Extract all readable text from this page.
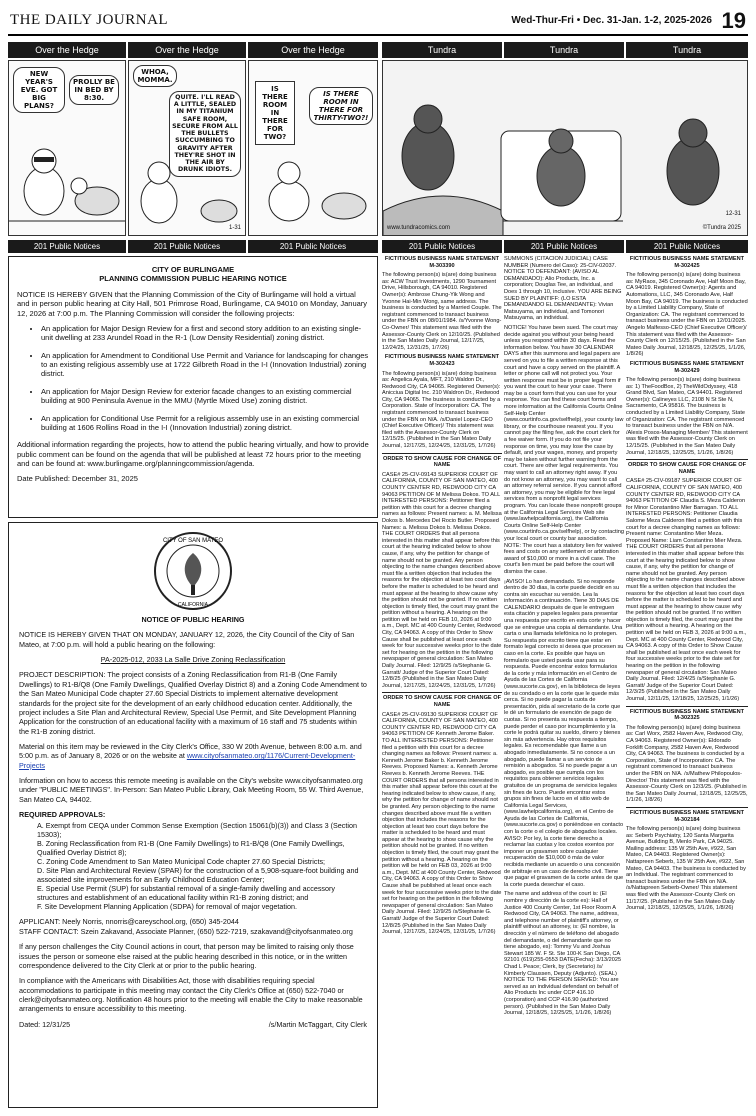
THE DAILY JOURNAL	Wed-Thur-Fri • Dec. 31-Jan. 1-2, 2025-2026 19
Over the Hedge	Over the Hedge	Over the Hedge	Tundra	Tundra	Tundra
NEW YEAR'S EVE. GOT BIG PLANS?
PROLLY BE IN BED BY 8:30.
WHOA, MOMMA.
QUITE. I'LL READ A LITTLE, SEALED IN MY TITANIUM SAFE ROOM, SECURE FROM ALL THE BULLETS SUCCUMBING TO GRAVITY AFTER THEY'RE SHOT IN THE AIR BY DRUNK IDIOTS.
1-31
IS THERE ROOM IN THERE FOR TWO?
IS THERE ROOM IN THERE FOR THIRTY-TWO?!
www.tundracomics.com
12-31
©Tundra 2025
201 Public Notices	201 Public Notices	201 Public Notices	201 Public Notices	201 Public Notices	201 Public Notices

CITY OF BURLINGAME

PLANNING COMMISSION PUBLIC HEARING NOTICE

NOTICE IS HEREBY GIVEN that the Planning Commission of the City of Burlingame will hold a virtual and in person public hearing at City Hall, 501 Primrose Road, Burlingame, CA 94010 on Monday, January 12, 2026 at 7:00 p.m. The Planning Commission will consider the following projects:

• An application for Major Design Review for a first and second story addition to an existing single- unit dwelling at 233 Arundel Road in the R-1 (Low Density Residential) zoning district.
• An application for Amendment to Conditional Use Permit and Variance for landscaping for changes to an existing religious assembly use at 1722 Gilbreth Road in the I-I (Innovation Industrial) zoning district.
• An application for Major Design Review for exterior facade changes to an existing commercial building at 900 Peninsula Avenue in the MMU (Myrtle Mixed Use) zoning district.
• An application for Conditional Use Permit for a religious assembly use in an existing commercial building at 1606 Rollins Road in the I-I (Innovation Industrial) zoning district.

Additional information regarding the projects, how to attend the public hearing virtually, and how to provide public comment can be found on the agenda that will be published at least 72 hours prior to the meeting and can be found at: www.burlingame.org/planningcommission/agenda.

Date Published: December 31, 2025

CITY OF SAN MATEO
CALIFORNIA

NOTICE OF PUBLIC HEARING

NOTICE IS HEREBY GIVEN THAT ON MONDAY, JANUARY 12, 2026, the City Council of the City of San Mateo, at 7:00 p.m. will hold a public hearing on the following:

PA-2025-012, 2033 La Salle Drive Zoning Reclassification

PROJECT DESCRIPTION: The project consists of a Zoning Reclassification from R1-B (One Family Dwellings) to R1-B/Q8 (One Family Dwellings, Qualified Overlay District 8) and a Zoning Code Amendment to the San Mateo Municipal Code chapter 27.60 Special Districts to implement alternative development standards for the project site for the development of an early childhood education center. Additionally, the project includes a Site Plan and Architectural Review, Special Use Permit, and Site Development Planning Application for the construction of an educational facility with a maximum of 16 staff and 75 students within the R1-B zoning district.

Material on this item may be reviewed in the City Clerk's Office, 330 W 20th Avenue, between 8:00 a.m. and 5:00 p.m. as of January 8, 2026 or on the website at www.cityofsanmateo.org/1176/Current-Development-Projects

Information on how to access this remote meeting is available on the City's website www.cityofsanmateo.org under "PUBLIC MEETINGS". In-Person: San Mateo Public Library, Oak Meeting Room, 55 W. Third Avenue, San Mateo CA, 94402.

REQUIRED APPROVALS:

A. Exempt from CEQA under Common Sense Exemption (Section 15061(b)(3)) and Class 3 (Section 15303);
B. Zoning Reclassification from R1-B (One Family Dwellings) to R1-B/Q8 (One Family Dwellings, Qualified Overlay District 8);
C. Zoning Code Amendment to San Mateo Municipal Code chapter 27.60 Special Districts;
D. Site Plan and Architectural Review (SPAR) for the construction of a 5,908-square-foot building and associated site improvements for an Early Childhood Education Center;
E. Special Use Permit (SUP) for substantial removal of a single-family dwelling and accessory structures and establishment of an educational facility within R1-B zoning district; and
F. Site Development Planning Application (SDPA) for removal of major vegetation.

APPLICANT: Neely Norris, nnorris@careyschool.org, (650) 345-2044

STAFF CONTACT: Szein Zakavand, Associate Planner, (650) 522-7219, szakavand@cityofsanmateo.org

If any person challenges the City Council actions in court, that person may be limited to raising only those issues the person or someone else raised at the public hearing described in this notice, or in the written correspondence delivered to the City Clerk at or prior to the public hearing.

In compliance with the Americans with Disabilities Act, those with disabilities requiring special accommodations to participate in this meeting may contact the City Clerk's Office at (650) 522-7040 or clerk@cityofsanmateo.org. Notification 48 hours prior to the meeting will enable the City to make reasonable arrangements to ensure accessibility to this meeting.

Dated: 12/31/25	/s/Martin McTaggart, City Clerk

FICTITIOUS BUSINESS NAME STATEMENT M-303390

The following person(s) is(are) doing business as: ACW Trust Investments, 1290 Tournament Drive, Hillsborough, CA 94010. Registered Owner(s): Ambrose Chung-Yik Wong and Yvonne Hai-Min Wong, same address. The business is conducted by a Married Couple. The registrant commenced to transact business under the FBN on 08/01/1984. /s/Yvonne Wong-Co-Owner/ This statement was filed with the Assessor-County Clerk on 12/10/25. (Published in the San Mateo Daily Journal, 12/17/25, 12/24/25, 12/31/25, 1/7/26)

FICTITIOUS BUSINESS NAME STATEMENT M-302423

The following person(s) is(are) doing business as: Angelica Ayala, MFT, 210 Waldon Dr., Redwood City, CA 94065. Registered Owner(s): Anicciua Digital Inc. 210 Waldron Dr., Redwood City, CA 94065. The business is conducted by a Corporation. State of Incorporation: CA. The registrant commenced to transact business under the FBN on N/A. /s/Daniel Lopez-CEO (Chief Executive Officer)/ This statement was filed with the Assessor-County Clerk on 12/15/25. (Published in the San Mateo Daily Journal, 12/17/25, 12/24/25, 12/31/25, 1/7/26)

ORDER TO SHOW CAUSE FOR CHANGE OF NAME

CASE# 25-CIV-09143 SUPERIOR COURT OF CALIFORNIA, COUNTY OF SAN MATEO, 400 COUNTY CENTER RD, REDWOOD CITY CA 94063 PETITION OF M Melissa Dokos. TO ALL INTERESTED PERSONS: Petitioner filed a petition with this court for a decree changing names as follows: Present names: a. M. Melissa Dokos b. Mercedes Del Rocio Butler. Proposed Names: a. Melissa Dokos b. Melissa Dokos. THE COURT ORDERS that all persons interested in this matter shall appear before this court at the hearing indicated below to show cause, if any, why the petition for change of name should not be granted. Any person objecting to the name changes described above must file a written objection that includes the reasons for the objection at least two court days before the matter is scheduled to be heard and must appear at the hearing to show cause why the petition should not be granted. If no written objection is timely filed, the court may grant the petition without a hearing. A hearing on the petition will be held on FEB 10, 2026 at 9:00 a.m., Dept. MC at 400 County Center, Redwood City, CA 94063. A copy of this Order to Show Cause shall be published at least once each week for four successive weeks prior to the date set for hearing on the petition in the following newspaper of general circulation: San Mateo Daily Journal. Filed: 12/9/25 /s/Stephanie G. Garratt/ Judge of the Superior Court Dated: 12/8/25 (Published in the San Mateo Daily Journal, 12/17/25, 12/24/25, 12/31/25, 1/7/26)

ORDER TO SHOW CAUSE FOR CHANGE OF NAME

CASE# 25-CIV-09130 SUPERIOR COURT OF CALIFORNIA, COUNTY OF SAN MATEO, 400 COUNTY CENTER RD, REDWOOD CITY CA 94063 PETITION OF Kenneth Jerome Baker. TO ALL INTERESTED PERSONS: Petitioner filed a petition with this court for a decree changing names as follows: Present names: a. Kenneth Jerome Baker b. Kenneth Jerome Reeves. Proposed Names: a. Kenneth Jerome Reeves b. Kenneth Jerome Reeves. THE COURT ORDERS that all persons interested in this matter shall appear before this court at the hearing indicated below to show cause, if any, why the petition for change of name should not be granted. Any person objecting to the name changes described above must file a written objection that includes the reasons for the objection at least two court days before the matter is scheduled to be heard and must appear at the hearing to show cause why the petition should not be granted. If no written objection is timely filed, the court may grant the petition without a hearing. A hearing on the petition will be held on FEB 03, 2026 at 9:00 a.m., Dept. MC at 400 County Center, Redwood City, CA 94063. A copy of this Order to Show Cause shall be published at least once each week for four successive weeks prior to the date set for hearing on the petition in the following newspaper of general circulation: San Mateo Daily Journal. Filed: 12/9/25 /s/Stephanie G. Garratt/ Judge of the Superior Court Dated: 12/8/25 (Published in the San Mateo Daily Journal, 12/17/25, 12/24/25, 12/31/25, 1/7/26)

SUMMONS (CITACION JUDICIAL) CASE NUMBER (Numero del Caso): 25-CIV-02037. NOTICE TO DEFENDANT: (AVISO AL DEMANDADO): Alio Products, Inc. a corporation; Douglas Tee, an individual, and Does 1 through 10, inclusive. YOU ARE BEING SUED BY PLAINTIFF: (LO ESTA DEMANDANDO EL DEMANDANTE): Vivian Matsuyama, an individual, and Tomonori Matsuyama, an individual.

NOTICE! You have been sued. The court may decide against you without your being heard unless you respond within 30 days. Read the information below. You have 30 CALENDAR DAYS after this summons and legal papers are served on you to file a written response at this court and have a copy served on the plaintiff. A letter or phone call will not protect you. Your written response must be in proper legal form if you want the court to hear your case. There may be a court form that you can use for your response. You can find these court forms and more information at the California Courts Online Self-Help Center (www.courtinfo.ca.gov/selfhelp), your county law library, or the courthouse nearest you. If you cannot pay the filing fee, ask the court clerk for a fee waiver form. If you do not file your response on time, you may lose the case by default, and your wages, money, and property may be taken without further warning from the court. There are other legal requirements. You may want to call an attorney right away. If you do not know an attorney, you may want to call an attorney referral service. If you cannot afford an attorney, you may be eligible for free legal services from a nonprofit legal services program. You can locate these nonprofit groups at the California Legal Services Web site (www.lawhelpcalifornia.org), the California Courts Online Self-Help Center (www.courtinfo.ca.gov/selfhelp), or by contacting your local court or county bar association. NOTE: The court has a statutory lien for waived fees and costs on any settlement or arbitration award of $10,000 or more in a civil case. The court's lien must be paid before the court will dismiss the case.

¡AVISO! Lo han demandado. Si no responde dentro de 30 dias, la corte puede decidir en su contra sin escuchar su versión. Lea la información a continuación. Tiene 30 DIAS DE CALENDARIO después de que le entreguen esta citación y papeles legales para presentar una respuesta por escrito en esta corte y hacer que se entregue una copia al demandante. Una carta o una llamada telefónica no lo protegen. Su respuesta por escrito tiene que estar en formato legal correcto si desea que procesen su caso en la corte. Es posible que haya un formulario que usted pueda usar para su respuesta. Puede encontrar estos formularios de la corte y más información en el Centro de Ayuda de las Cortes de California (www.sucorte.ca.gov), en la biblioteca de leyes de su condado o en la corte que le quede más cerca. Si no puede pagar la cuota de presentación, pida al secretario de la corte que le dé un formulario de exención de pago de cuotas. Si no presenta su respuesta a tiempo, puede perder el caso por incumplimiento y la corte le podrá quitar su sueldo, dinero y bienes sin más advertencia. Hay otros requisitos legales. Es recomendable que llame a un abogado inmediatamente. Si no conoce a un abogado, puede llamar a un servicio de remisión a abogados. Si no puede pagar a un abogado, es posible que cumpla con los requisitos para obtener servicios legales gratuitos de un programa de servicios legales sin fines de lucro. Puede encontrar estos grupos sin fines de lucro en el sitio web de California Legal Services, (www.lawhelpcalifornia.org), en el Centro de Ayuda de las Cortes de California, (www.sucorte.ca.gov) o poniéndose en contacto con la corte o el colegio de abogados locales. AVISO: Por ley, la corte tiene derecho a reclamar las cuotas y los costos exentos por imponer un gravamen sobre cualquier recuperación de $10,000 ó más de valor recibida mediante un acuerdo o una concesión de arbitraje en un caso de derecho civil. Tiene que pagar el gravamen de la corte antes de que la corte pueda desechar el caso.

The name and address of the court is: (El nombre y dirección de la corte es): Hall of Justice 400 County Center, 1st Floor Room A Redwood City, CA 94063. The name, address, and telephone number of plaintiff's attorney, or plaintiff without an attorney, is: (El nombre, la dirección y el número de teléfono del abogado del demandante, o del demandante que no tiene abogado, es): Tommy Vu and Joshua Stewart 185 W. F St. Ste 100-K San Diego, CA 92101 (619)255-0553 DATE(Fecha): 3/13/2025 Chad L Peace; Clerk, by (Secretario) /s/ Kimberly Claussen, Deputy (Adjunto). (SEAL) NOTICE TO THE PERSON SERVED: You are served as an individual defendant on behalf of Alio Products Inc under CCP 416.10 (corporation) and CCP 416.90 (authorized person). (Published in the San Mateo Daily Journal, 12/18/25, 12/25/25, 1/1/26, 1/8/26)

FICTITIOUS BUSINESS NAME STATEMENT M-302425

The following person(s) is(are) doing business as: MyRaos, 345 Coronado Ave, Half Moon Bay, CA 94019. Registered Owner(s): Agents and Automations, LLC, 345 Coronado Ave, Half Moon Bay, CA 94019. The business is conducted by a Limited Liability Company, State of Organization: CA. The registrant commenced to transact business under the FBN on 12/01/2025. /Angelo Malfesso-CEO (Chief Executive Officer)/ This statement was filed with the Assessor-County Clerk on 12/15/25. (Published in the San Mateo Daily Journal, 12/18/25, 12/25/25, 1/1/26, 1/8/26)

FICTITIOUS BUSINESS NAME STATEMENT M-302429

The following person(s) is(are) doing business as: 1) TheFoodBox, 2) TheWildOdyssey, 418 Grand Blvd, San Mateo, CA 94401. Registered Owner(s): Calineyes LLC, 2108 N St Ste N, Sacramento, CA 95816. The business is conducted by a Limited Liability Company, State of Organization: CA. The registrant commenced to transact business under the FBN on N/A. /Alexis Posos-Managing Member/ This statement was filed with the Assessor-County Clerk on 12/15/25. (Published in the San Mateo Daily Journal, 12/18/25, 12/25/25, 1/1/26, 1/8/26)

ORDER TO SHOW CAUSE FOR CHANGE OF NAME

CASE# 25-CIV-09187 SUPERIOR COURT OF CALIFORNIA, COUNTY OF SAN MATEO, 400 COUNTY CENTER RD, REDWOOD CITY CA 94063 PETITION OF Claudia S. Meza Calderon for Minor Constantino Mier Barragan. TO ALL INTERESTED PERSONS: Petitioner Claudia Salome Meza Calderon filed a petition with this court for a decree changing names as follows: Present name: Constantino Mier Meza. Proposed Name: Liam Constantino Mier Meza. THE COURT ORDERS that all persons interested in this matter shall appear before this court at the hearing indicated below to show cause, if any, why the petition for change of name should not be granted. Any person objecting to the name changes described above must file a written objection that includes the reasons for the objection at least two court days before the matter is scheduled to be heard and must appear at the hearing to show cause why the petition should not be granted. If no written objection is timely filed, the court may grant the petition without a hearing. A hearing on the petition will be held on FEB 3, 2026 at 9:00 a.m., Dept. MC at 400 County Center, Redwood City, CA 94063. A copy of this Order to Show Cause shall be published at least once each week for four successive weeks prior to the date set for hearing on the petition in the following newspaper of general circulation: San Mateo Daily Journal. Filed: 12/4/25 /s/Stephanie G. Garratt/ Judge of the Superior Court Dated: 12/3/25 (Published in the San Mateo Daily Journal, 12/11/25, 12/18/25, 12/25/25, 1/1/26)

FICTITIOUS BUSINESS NAME STATEMENT M-302325

The following person(s) is(are) doing business as: Carl Worx, 2582 Haven Ave, Redwood City, CA 94063. Registered Owner(s): Eldorado Forklift Company, 2582 Haven Ave, Redwood City, CA 94063. The business is conducted by a Corporation, State of Incorporation: CA. The registrant commenced to transact business under the FBN on N/A. /s/Mathew Philopoulos-Director/ This statement was filed with the Assessor-County Clerk on 12/3/25. (Published in the San Mateo Daily Journal, 12/18/25, 12/25/25, 1/1/26, 1/8/26)

FICTITIOUS BUSINESS NAME STATEMENT M-302184

The following person(s) is(are) doing business as: Seberb Psychiatry, 120 Santa Margarita Avenue, Building B, Menlo Park, CA 94025. Mailing address: 135 W 25th Ave, #922, San Mateo, CA 94403. Registered Owner(s): Nattapreen Seberb, 135 W 25th Ave, #922, San Mateo, CA 94403. The business is conducted by an Individual. The registrant commenced to transact business under the FBN on N/A. /s/Nattapreen Seberb-Owner/ This statement was filed with the Assessor-County Clerk on 11/17/25. (Published in the San Mateo Daily Journal, 12/18/25, 12/25/25, 1/1/26, 1/8/26)
